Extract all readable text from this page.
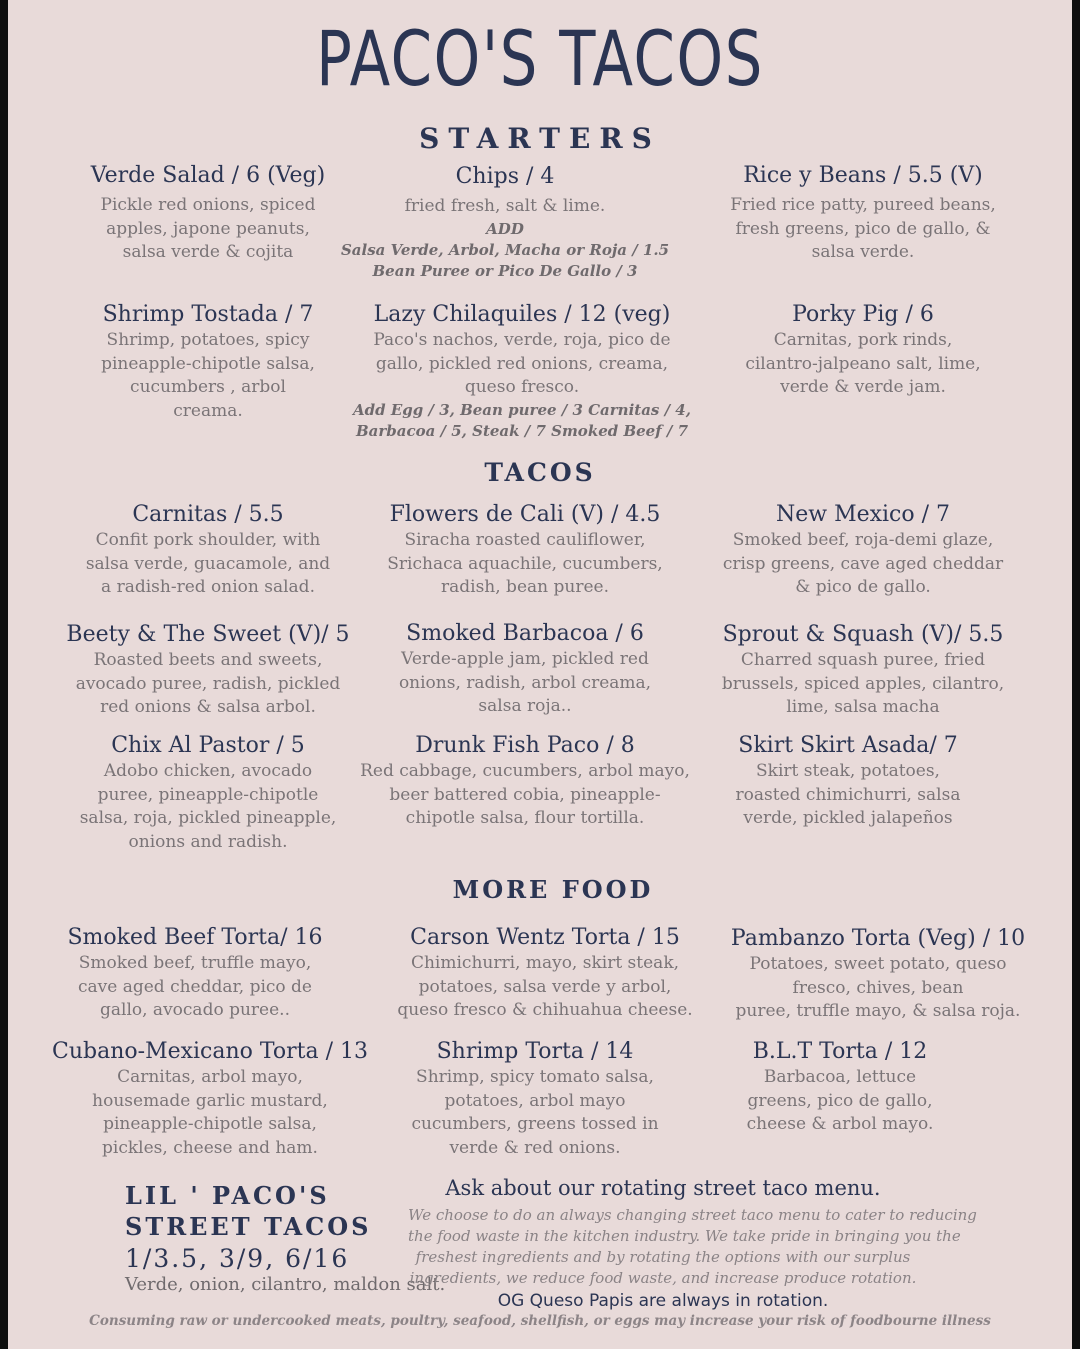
PACO'S TACOS
STARTERS
Verde Salad / 6 (Veg)
Pickle red onions, spiced
apples, japone peanuts,
salsa verde & cojita
Chips / 4
fried fresh, salt & lime.
ADD
Salsa Verde, Arbol, Macha or Roja / 1.5
Bean Puree or Pico De Gallo / 3
Rice y Beans / 5.5 (V)
Fried rice patty, pureed beans,
fresh greens, pico de gallo, &
salsa verde.
Shrimp Tostada / 7
Shrimp, potatoes, spicy
pineapple-chipotle salsa,
cucumbers , arbol
creama.
Lazy Chilaquiles / 12 (veg)
Paco's nachos, verde, roja, pico de
gallo, pickled red onions, creama,
queso fresco.
Add Egg / 3, Bean puree / 3 Carnitas / 4,
Barbacoa / 5, Steak / 7 Smoked Beef / 7
Porky Pig / 6
Carnitas, pork rinds,
cilantro-jalpeano salt, lime,
verde & verde jam.
TACOS
Carnitas / 5.5
Confit pork shoulder, with
salsa verde, guacamole, and
a radish-red onion salad.
Flowers de Cali (V) / 4.5
Siracha roasted cauliflower,
Srichaca aquachile, cucumbers,
radish, bean puree.
New Mexico / 7
Smoked beef, roja-demi glaze,
crisp greens, cave aged cheddar
& pico de gallo.
Beety & The Sweet (V)/ 5
Roasted beets and sweets,
avocado puree, radish, pickled
red onions & salsa arbol.
Smoked Barbacoa / 6
Verde-apple jam, pickled red
onions, radish, arbol creama,
salsa roja..
Sprout & Squash (V)/ 5.5
Charred squash puree, fried
brussels, spiced apples, cilantro,
lime, salsa macha
Chix Al Pastor / 5
Adobo chicken, avocado
puree, pineapple-chipotle
salsa, roja, pickled pineapple,
onions and radish.
Drunk Fish Paco / 8
Red cabbage, cucumbers, arbol mayo,
beer battered cobia, pineapple-
chipotle salsa, flour tortilla.
Skirt Skirt Asada/ 7
Skirt steak, potatoes,
roasted chimichurri, salsa
verde, pickled jalapeños
MORE FOOD
Smoked Beef Torta/ 16
Smoked beef, truffle mayo,
cave aged cheddar, pico de
gallo, avocado puree..
Carson Wentz Torta / 15
Chimichurri, mayo, skirt steak,
potatoes, salsa verde y arbol,
queso fresco & chihuahua cheese.
Pambanzo Torta (Veg) / 10
Potatoes, sweet potato, queso
fresco, chives, bean
puree, truffle mayo, & salsa roja.
Cubano-Mexicano Torta / 13
Carnitas, arbol mayo,
housemade garlic mustard,
pineapple-chipotle salsa,
pickles, cheese and ham.
Shrimp Torta / 14
Shrimp, spicy tomato salsa,
potatoes, arbol mayo
cucumbers, greens tossed in
verde & red onions.
B.L.T Torta / 12
Barbacoa, lettuce
greens, pico de gallo,
cheese & arbol mayo.
LIL ' PACO'S
STREET TACOS
1/3.5, 3/9, 6/16
Verde, onion, cilantro, maldon salt.
Ask about our rotating street taco menu.
We choose to do an always changing street taco menu to cater to reducing
the food waste in the kitchen industry. We take pride in bringing you the
freshest ingredients and by rotating the options with our surplus
ingredients, we reduce food waste, and increase produce rotation.
OG Queso Papis are always in rotation.
Consuming raw or undercooked meats, poultry, seafood, shellfish, or eggs may increase your risk of foodbourne illness
